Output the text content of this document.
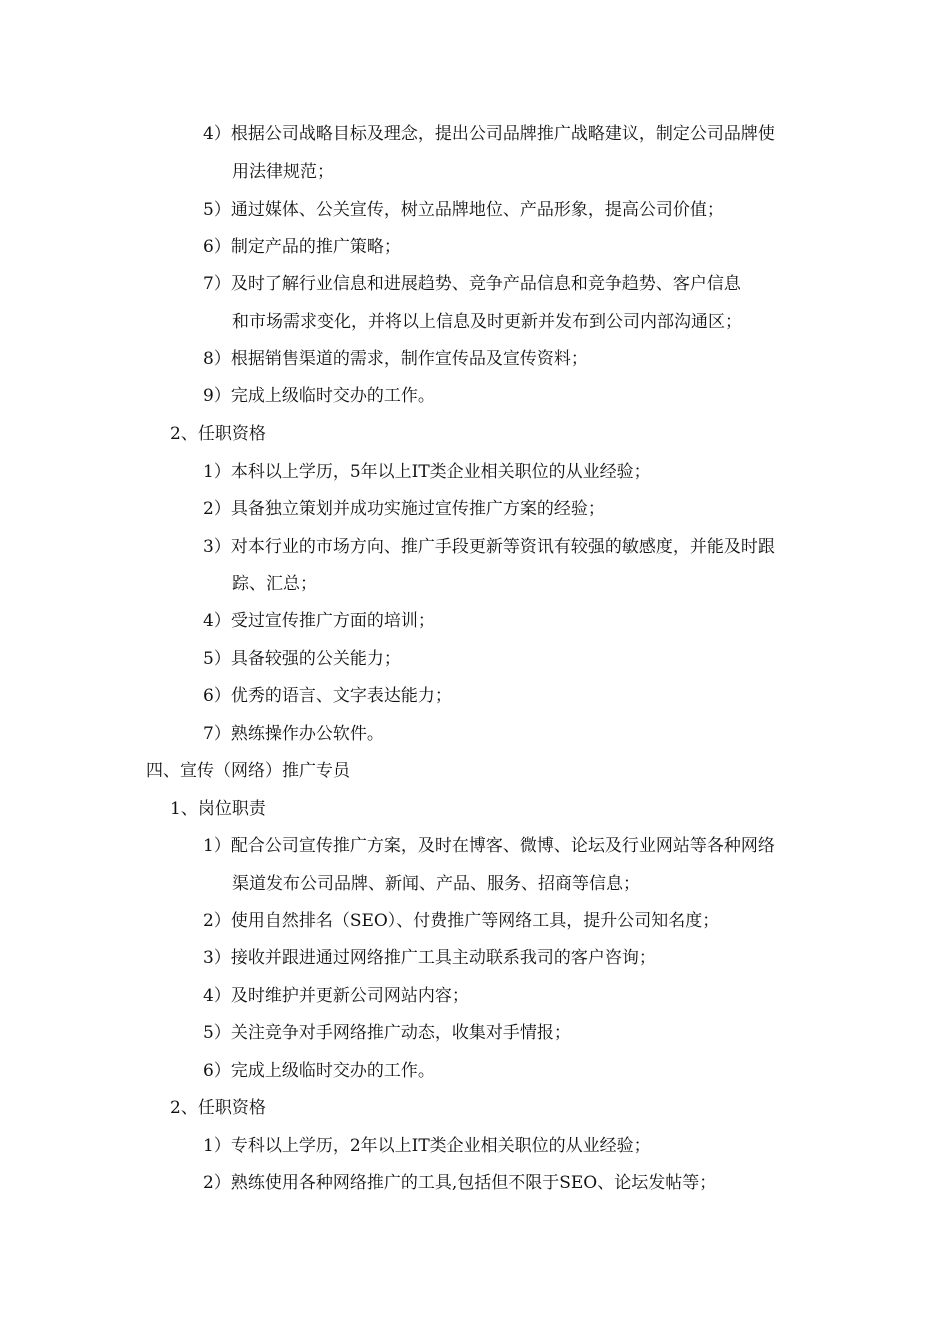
4）根据公司战略目标及理念，提出公司品牌推广战略建议，制定公司品牌使
用法律规范；
5）通过媒体、公关宣传，树立品牌地位、产品形象，提高公司价值；
6）制定产品的推广策略；
7）及时了解行业信息和进展趋势、竞争产品信息和竞争趋势、客户信息
和市场需求变化，并将以上信息及时更新并发布到公司内部沟通区；
8）根据销售渠道的需求，制作宣传品及宣传资料；
9）完成上级临时交办的工作。
2、任职资格
1）本科以上学历，5年以上IT类企业相关职位的从业经验；
2）具备独立策划并成功实施过宣传推广方案的经验；
3）对本行业的市场方向、推广手段更新等资讯有较强的敏感度，并能及时跟
踪、汇总；
4）受过宣传推广方面的培训；
5）具备较强的公关能力；
6）优秀的语言、文字表达能力；
7）熟练操作办公软件。
四、宣传（网络）推广专员
1、岗位职责
1）配合公司宣传推广方案，及时在博客、微博、论坛及行业网站等各种网络
渠道发布公司品牌、新闻、产品、服务、招商等信息；
2）使用自然排名（SEO）、付费推广等网络工具，提升公司知名度；
3）接收并跟进通过网络推广工具主动联系我司的客户咨询；
4）及时维护并更新公司网站内容；
5）关注竞争对手网络推广动态，收集对手情报；
6）完成上级临时交办的工作。
2、任职资格
1）专科以上学历，2年以上IT类企业相关职位的从业经验；
2）熟练使用各种网络推广的工具,包括但不限于SEO、论坛发帖等；
